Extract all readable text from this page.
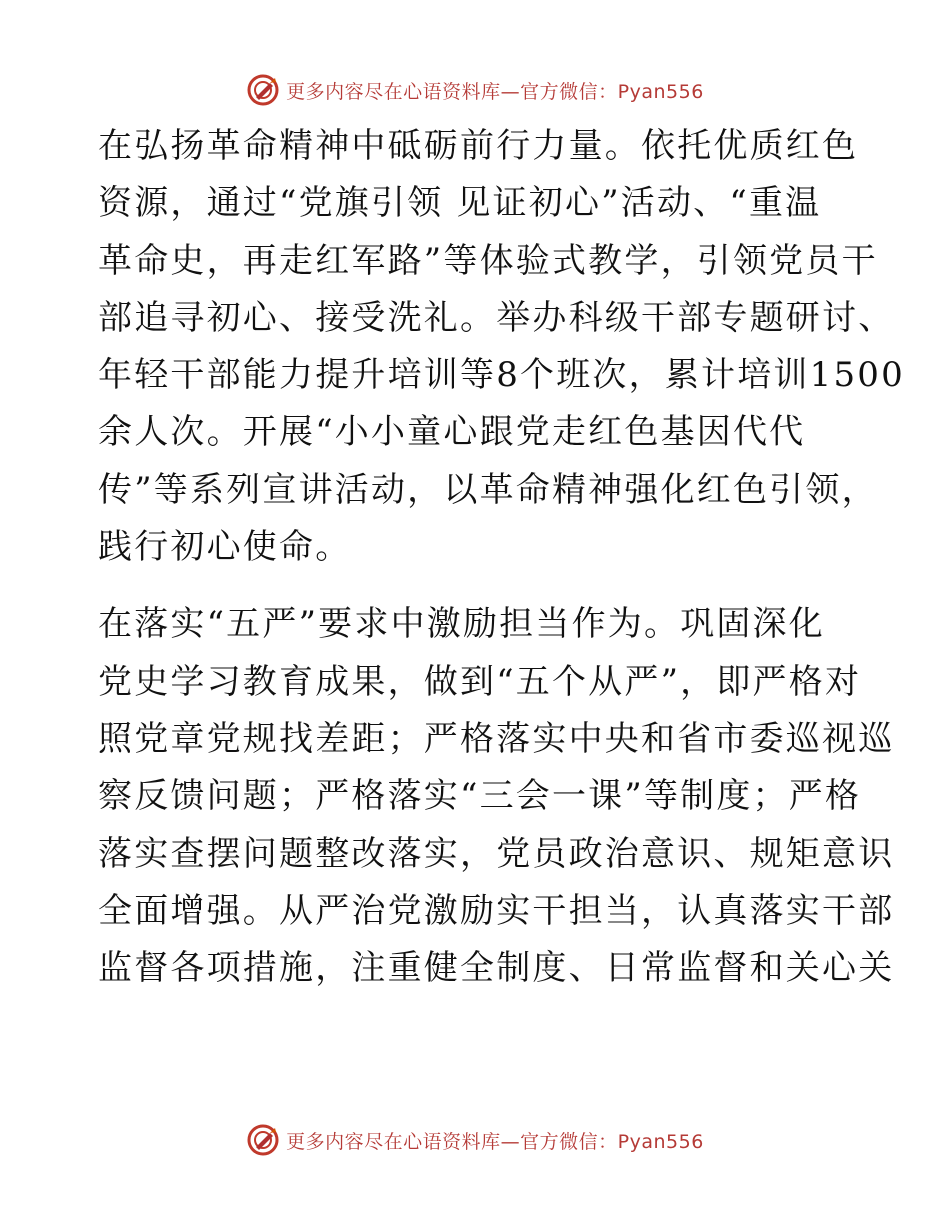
更多内容尽在心语资料库—官方微信：Pyan556

在弘扬革命精神中砥砺前行力量。依托优质红色
资源，通过“党旗引领 见证初心”活动、“重温
革命史，再走红军路”等体验式教学，引领党员干
部追寻初心、接受洗礼。举办科级干部专题研讨、
年轻干部能力提升培训等8个班次，累计培训1500
余人次。开展“小小童心跟党走红色基因代代
传”等系列宣讲活动，以革命精神强化红色引领，
践行初心使命。

在落实“五严”要求中激励担当作为。巩固深化
党史学习教育成果，做到“五个从严”，即严格对
照党章党规找差距；严格落实中央和省市委巡视巡
察反馈问题；严格落实“三会一课”等制度；严格
落实查摆问题整改落实，党员政治意识、规矩意识
全面增强。从严治党激励实干担当，认真落实干部
监督各项措施，注重健全制度、日常监督和关心关

更多内容尽在心语资料库—官方微信：Pyan556
